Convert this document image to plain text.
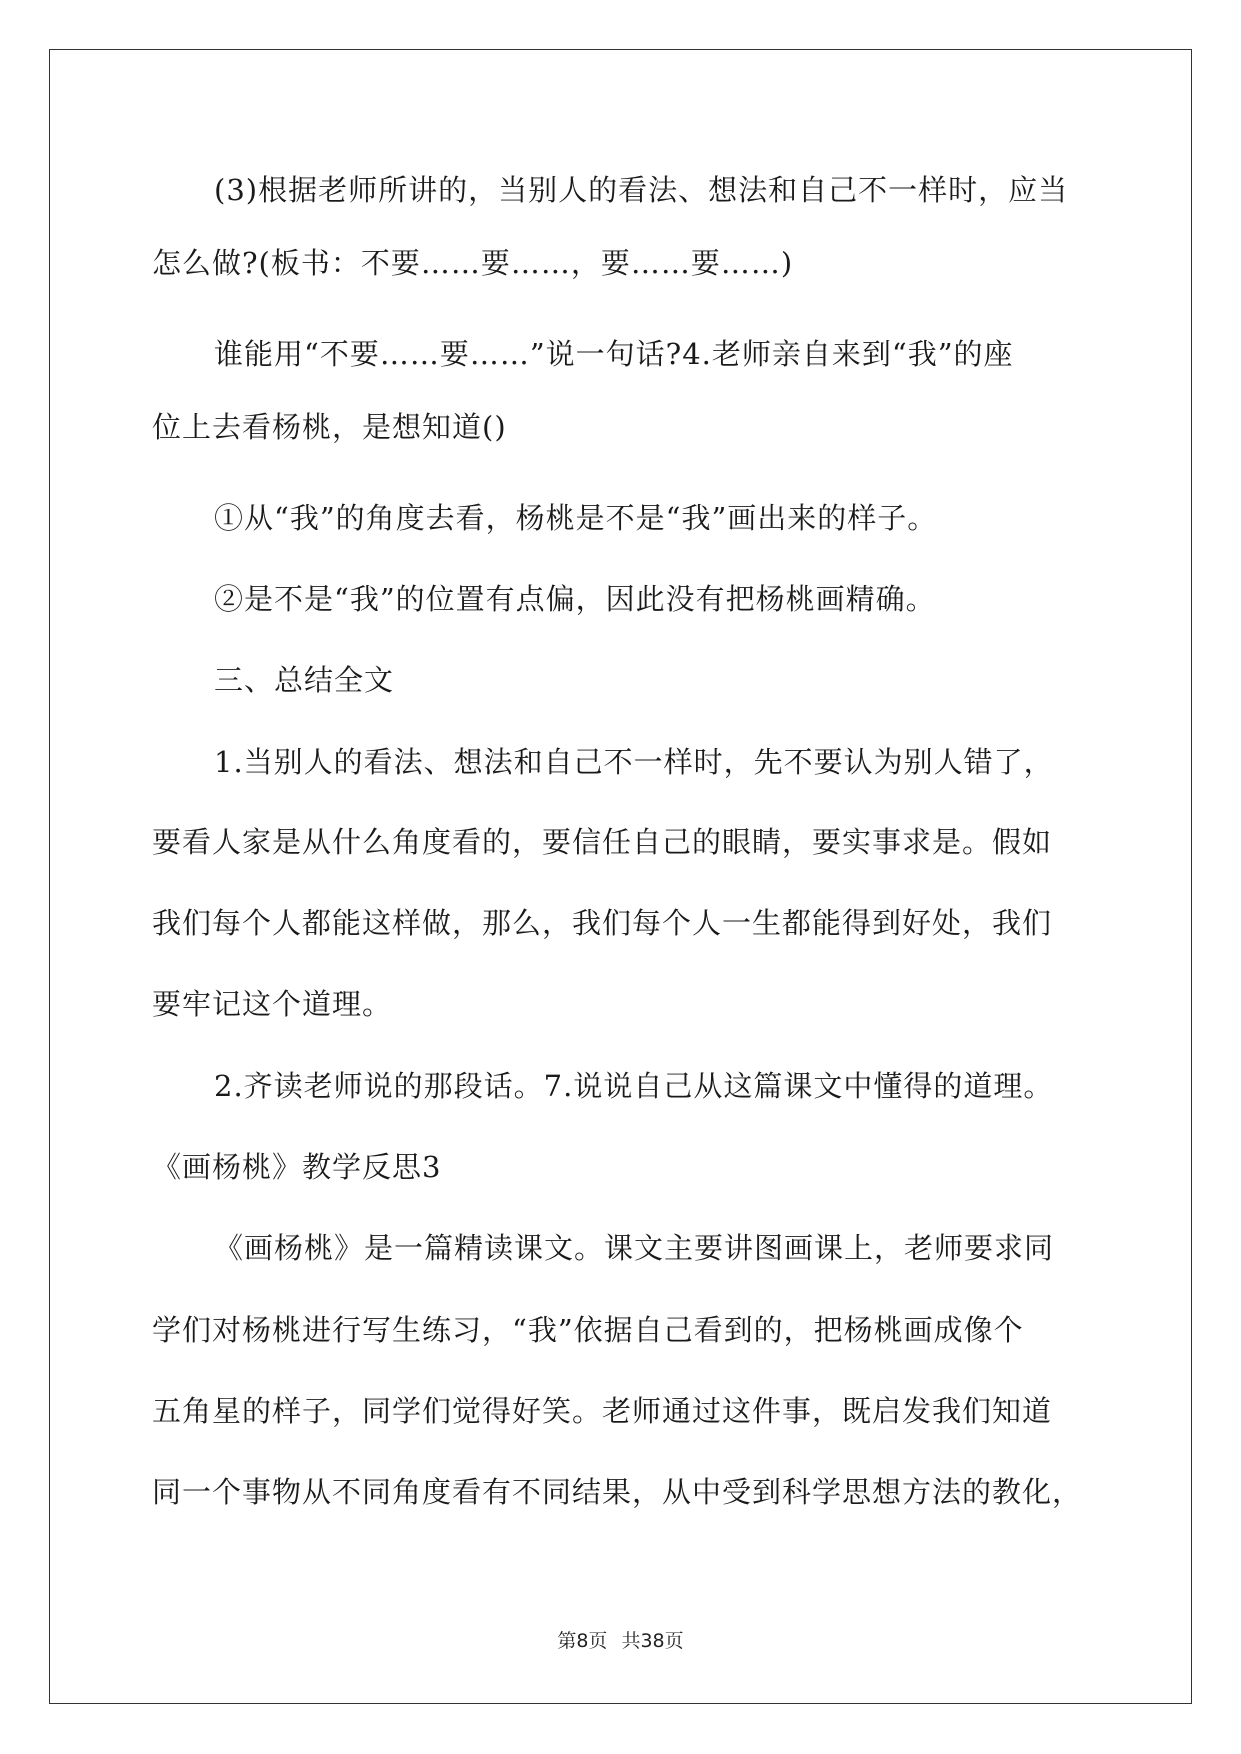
(3)根据老师所讲的，当别人的看法、想法和自己不一样时，应当
怎么做?(板书：不要……要……，要……要……)
谁能用“不要……要……”说一句话?4.老师亲自来到“我”的座
位上去看杨桃，是想知道()
①从“我”的角度去看，杨桃是不是“我”画出来的样子。
②是不是“我”的位置有点偏，因此没有把杨桃画精确。
三、总结全文
1.当别人的看法、想法和自己不一样时，先不要认为别人错了，
要看人家是从什么角度看的，要信任自己的眼睛，要实事求是。假如
我们每个人都能这样做，那么，我们每个人一生都能得到好处，我们
要牢记这个道理。
2.齐读老师说的那段话。7.说说自己从这篇课文中懂得的道理。
《画杨桃》教学反思3
《画杨桃》是一篇精读课文。课文主要讲图画课上，老师要求同
学们对杨桃进行写生练习，“我”依据自己看到的，把杨桃画成像个
五角星的样子，同学们觉得好笑。老师通过这件事，既启发我们知道
同一个事物从不同角度看有不同结果，从中受到科学思想方法的教化，
第8页 共38页
